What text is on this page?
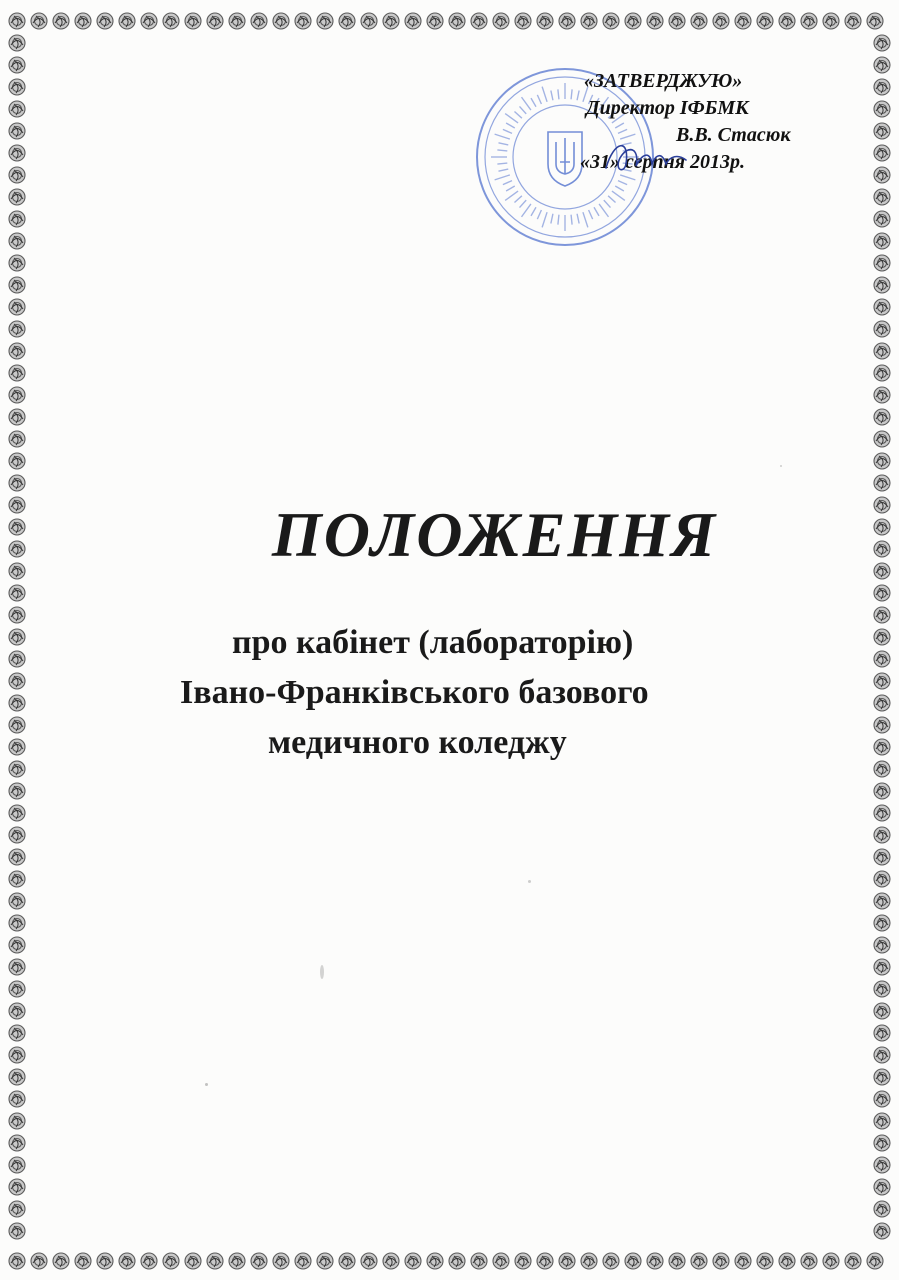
«ЗАТВЕРДЖУЮ»
Директор ІФБМК
В.В. Стасюк
«31» серпня 2013р.
ПОЛОЖЕННЯ
про кабінет (лабораторію)
Івано-Франківського базового
медичного коледжу
